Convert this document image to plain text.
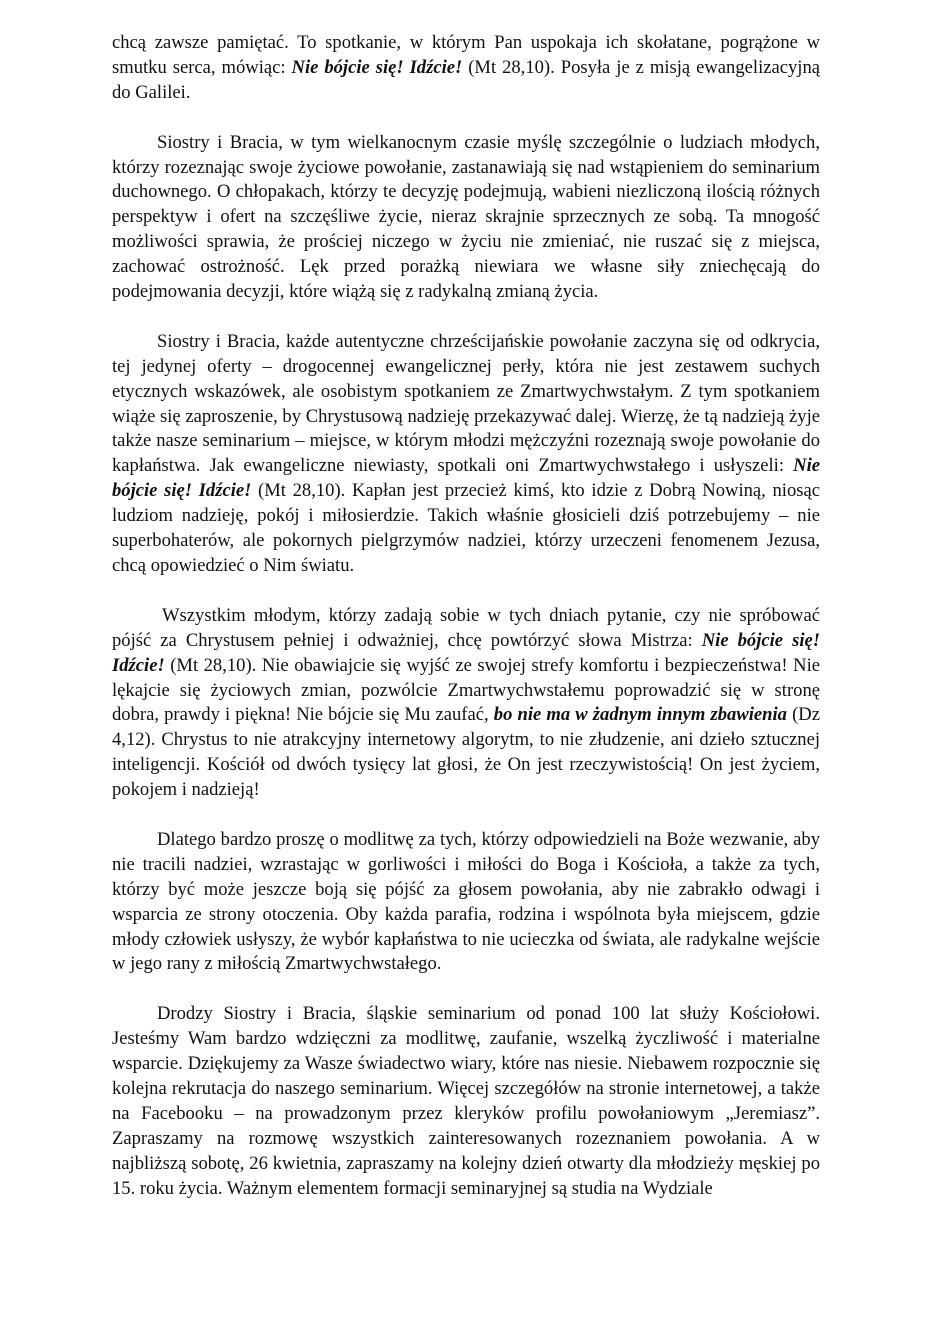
chcą zawsze pamiętać. To spotkanie, w którym Pan uspokaja ich skołatane, pogrążone w smutku serca, mówiąc: Nie bójcie się! Idźcie! (Mt 28,10). Posyła je z misją ewangelizacyjną do Galilei.

Siostry i Bracia, w tym wielkanocnym czasie myślę szczególnie o ludziach młodych, którzy rozeznając swoje życiowe powołanie, zastanawiają się nad wstąpieniem do seminarium duchownego. O chłopakach, którzy te decyzję podejmują, wabieni niezliczoną ilością różnych perspektyw i ofert na szczęśliwe życie, nieraz skrajnie sprzecznych ze sobą. Ta mnogość możliwości sprawia, że prościej niczego w życiu nie zmieniać, nie ruszać się z miejsca, zachować ostrożność. Lęk przed porażką niewiara we własne siły zniechęcają do podejmowania decyzji, które wiążą się z radykalną zmianą życia.

Siostry i Bracia, każde autentyczne chrześcijańskie powołanie zaczyna się od odkrycia, tej jedynej oferty – drogocennej ewangelicznej perły, która nie jest zestawem suchych etycznych wskazówek, ale osobistym spotkaniem ze Zmartwychwstałym. Z tym spotkaniem wiąże się zaproszenie, by Chrystusową nadzieję przekazywać dalej. Wierzę, że tą nadzieją żyje także nasze seminarium – miejsce, w którym młodzi mężczyźni rozeznają swoje powołanie do kapłaństwa. Jak ewangeliczne niewiasty, spotkali oni Zmartwychwstałego i usłyszeli: Nie bójcie się! Idźcie! (Mt 28,10). Kapłan jest przecież kimś, kto idzie z Dobrą Nowiną, niosąc ludziom nadzieję, pokój i miłosierdzie. Takich właśnie głosicieli dziś potrzebujemy – nie superbohaterów, ale pokornych pielgrzymów nadziei, którzy urzeczeni fenomenem Jezusa, chcą opowiedzieć o Nim światu.

Wszystkim młodym, którzy zadają sobie w tych dniach pytanie, czy nie spróbować pójść za Chrystusem pełniej i odważniej, chcę powtórzyć słowa Mistrza: Nie bójcie się! Idźcie! (Mt 28,10). Nie obawiajcie się wyjść ze swojej strefy komfortu i bezpieczeństwa! Nie lękajcie się życiowych zmian, pozwólcie Zmartwychwstałemu poprowadzić się w stronę dobra, prawdy i piękna! Nie bójcie się Mu zaufać, bo nie ma w żadnym innym zbawienia (Dz 4,12). Chrystus to nie atrakcyjny internetowy algorytm, to nie złudzenie, ani dzieło sztucznej inteligencji. Kościół od dwóch tysięcy lat głosi, że On jest rzeczywistością! On jest życiem, pokojem i nadzieją!

Dlatego bardzo proszę o modlitwę za tych, którzy odpowiedzieli na Boże wezwanie, aby nie tracili nadziei, wzrastając w gorliwości i miłości do Boga i Kościoła, a także za tych, którzy być może jeszcze boją się pójść za głosem powołania, aby nie zabrakło odwagi i wsparcia ze strony otoczenia. Oby każda parafia, rodzina i wspólnota była miejscem, gdzie młody człowiek usłyszy, że wybór kapłaństwa to nie ucieczka od świata, ale radykalne wejście w jego rany z miłością Zmartwychwstałego.

Drodzy Siostry i Bracia, śląskie seminarium od ponad 100 lat służy Kościołowi. Jesteśmy Wam bardzo wdzięczni za modlitwę, zaufanie, wszelką życzliwość i materialne wsparcie. Dziękujemy za Wasze świadectwo wiary, które nas niesie. Niebawem rozpocznie się kolejna rekrutacja do naszego seminarium. Więcej szczegółów na stronie internetowej, a także na Facebooku – na prowadzonym przez kleryków profilu powołaniowym „Jeremiasz”. Zapraszamy na rozmowę wszystkich zainteresowanych rozeznaniem powołania. A w najbliższą sobotę, 26 kwietnia, zapraszamy na kolejny dzień otwarty dla młodzieży męskiej po 15. roku życia. Ważnym elementem formacji seminaryjnej są studia na Wydziale
